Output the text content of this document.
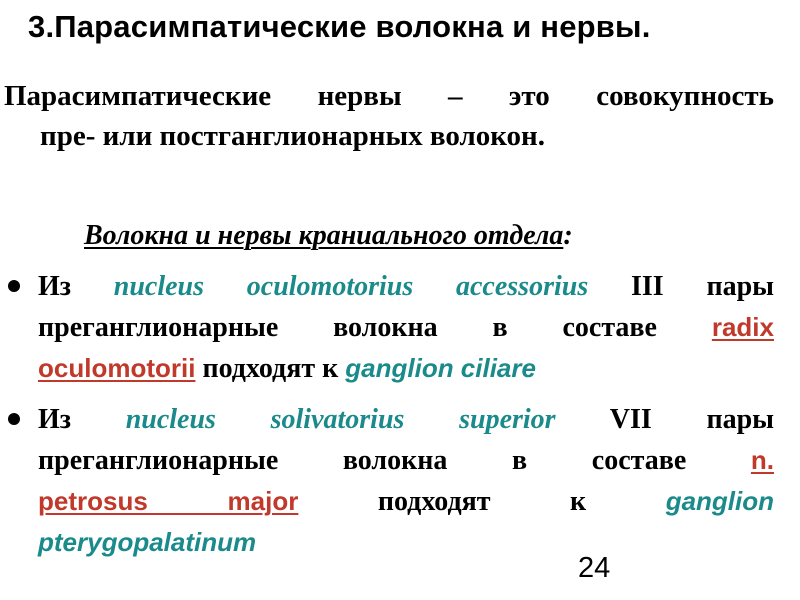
3.Парасимпатические волокна и нервы.

Парасимпатические нервы – это совокупность
пре- или постганглионарных волокон.

Волокна и нервы краниального отдела:

Из nucleus oculomotorius accessorius III пары
преганглионарные волокна в составе radix
oculomotorii подходят к ganglion ciliare
Из nucleus solivatorius superior VII пары
преганглионарные волокна в составе n.
petrosus major	подходят к	ganglion
pterygopalatinum
24
